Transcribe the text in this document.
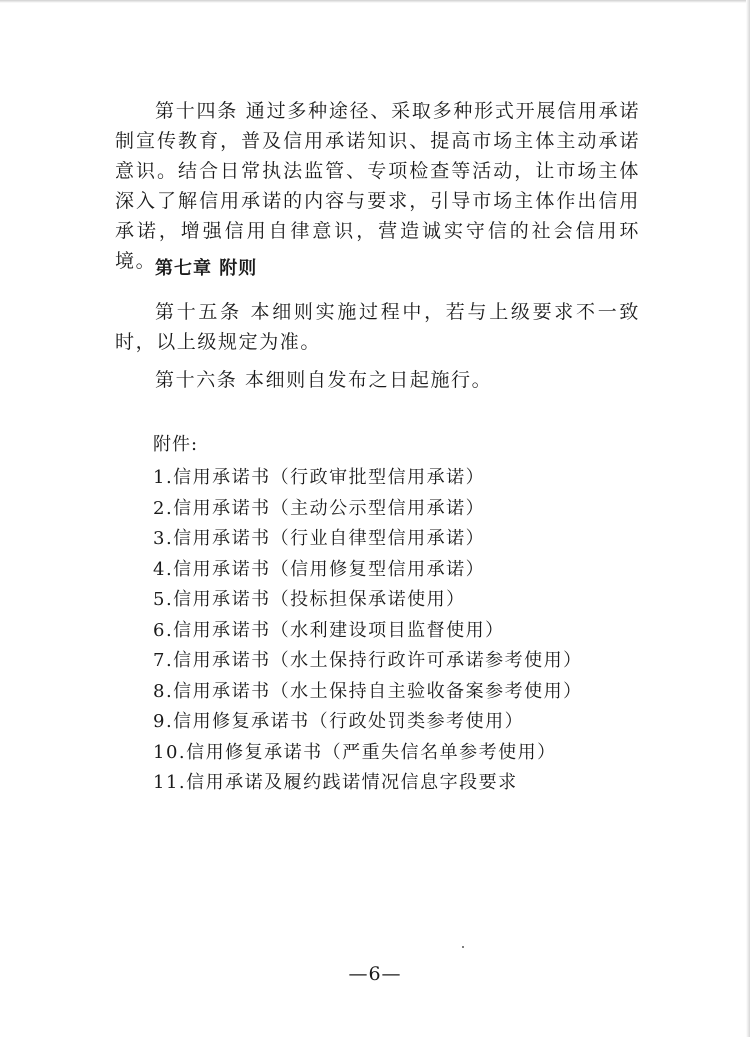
第十四条 通过多种途径、采取多种形式开展信用承诺制宣传教育，普及信用承诺知识、提高市场主体主动承诺意识。结合日常执法监管、专项检查等活动，让市场主体深入了解信用承诺的内容与要求，引导市场主体作出信用承诺，增强信用自律意识，营造诚实守信的社会信用环境。

第七章 附则

第十五条 本细则实施过程中，若与上级要求不一致时，以上级规定为准。

第十六条 本细则自发布之日起施行。

附件:
1.信用承诺书（行政审批型信用承诺）
2.信用承诺书（主动公示型信用承诺）
3.信用承诺书（行业自律型信用承诺）
4.信用承诺书（信用修复型信用承诺）
5.信用承诺书（投标担保承诺使用）
6.信用承诺书（水利建设项目监督使用）
7.信用承诺书（水土保持行政许可承诺参考使用）
8.信用承诺书（水土保持自主验收备案参考使用）
9.信用修复承诺书（行政处罚类参考使用）
10.信用修复承诺书（严重失信名单参考使用）
11.信用承诺及履约践诺情况信息字段要求

—6—
